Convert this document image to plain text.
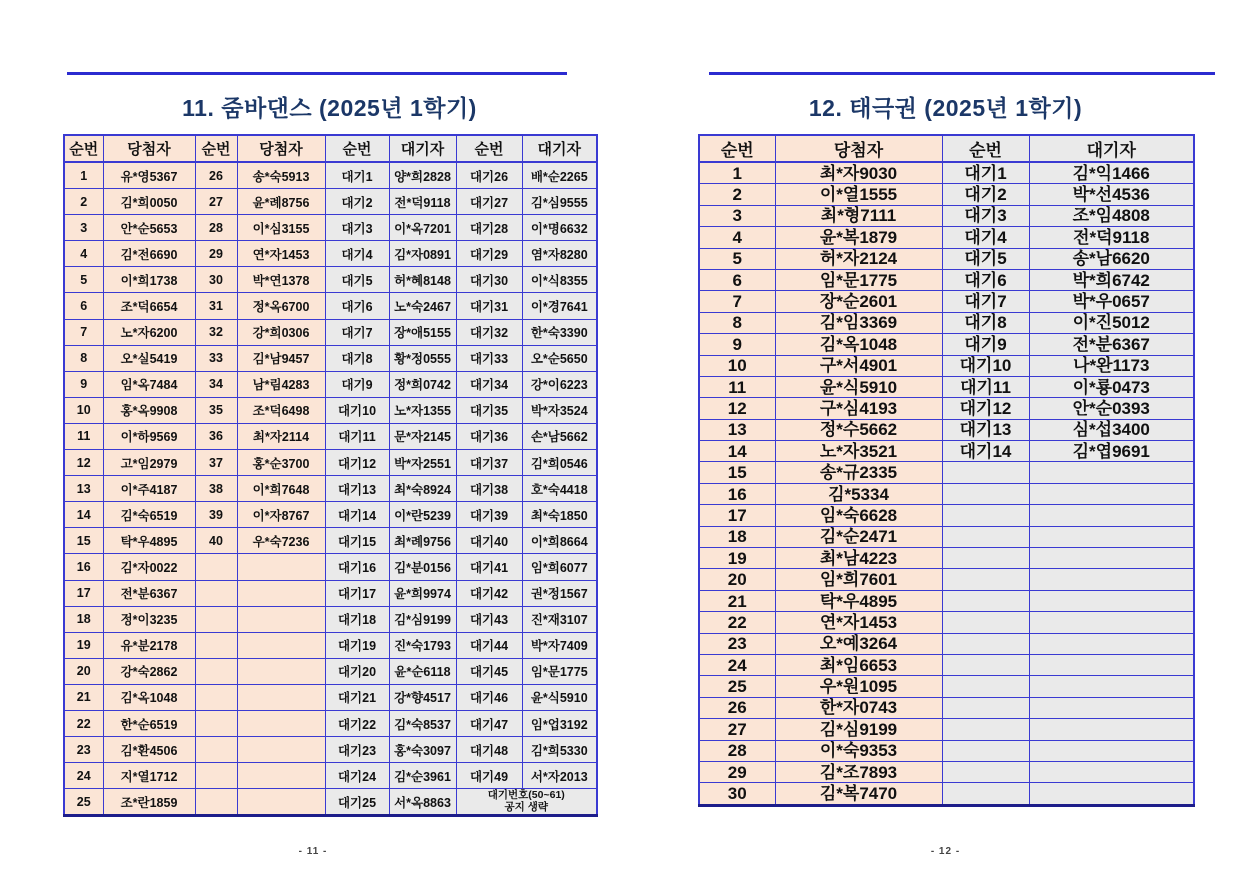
11. 줌바댄스 (2025년 1학기)	12. 태극권 (2025년 1학기)
순번	당첨자	순번	당첨자	순번	대기자	순번	대기자
1	유*영5367	26	송*숙5913	대기1	양*희2828	대기26	배*순2265
2	김*희0050	27	윤*례8756	대기2	전*덕9118	대기27	김*심9555
3	안*순5653	28	이*심3155	대기3	이*옥7201	대기28	이*명6632
4	김*전6690	29	연*자1453	대기4	김*자0891	대기29	염*자8280
5	이*희1738	30	박*연1378	대기5	허*혜8148	대기30	이*식8355
6	조*덕6654	31	정*옥6700	대기6	노*숙2467	대기31	이*경7641
7	노*자6200	32	강*희0306	대기7	장*애5155	대기32	한*숙3390
8	오*실5419	33	김*남9457	대기8	황*정0555	대기33	오*순5650
9	임*옥7484	34	남*림4283	대기9	정*희0742	대기34	강*이6223
10	홍*옥9908	35	조*덕6498	대기10	노*자1355	대기35	박*자3524
11	이*하9569	36	최*자2114	대기11	문*자2145	대기36	손*남5662
12	고*임2979	37	홍*순3700	대기12	박*자2551	대기37	김*희0546
13	이*주4187	38	이*희7648	대기13	최*숙8924	대기38	호*숙4418
14	김*숙6519	39	이*자8767	대기14	이*란5239	대기39	최*숙1850
15	탁*우4895	40	우*숙7236	대기15	최*례9756	대기40	이*희8664
16	김*자0022			대기16	김*분0156	대기41	임*희6077
17	전*분6367			대기17	윤*희9974	대기42	권*정1567
18	정*이3235			대기18	김*심9199	대기43	진*재3107
19	유*분2178			대기19	진*숙1793	대기44	박*자7409
20	강*숙2862			대기20	윤*순6118	대기45	임*문1775
21	김*옥1048			대기21	강*향4517	대기46	윤*식5910
22	한*순6519			대기22	김*숙8537	대기47	임*업3192
23	김*환4506			대기23	홍*숙3097	대기48	김*희5330
24	지*열1712			대기24	김*순3961	대기49	서*자2013
25	조*란1859			대기25	서*옥8863	대기번호(50~61)
공지 생략	
순번	당첨자	순번	대기자
1	최*자9030	대기1	김*익1466
2	이*열1555	대기2	박*선4536
3	최*형7111	대기3	조*임4808
4	윤*복1879	대기4	전*덕9118
5	허*자2124	대기5	송*남6620
6	임*문1775	대기6	박*희6742
7	장*순2601	대기7	박*우0657
8	김*임3369	대기8	이*진5012
9	김*옥1048	대기9	전*분6367
10	구*서4901	대기10	나*완1173
11	윤*식5910	대기11	이*룡0473
12	구*심4193	대기12	안*순0393
13	정*수5662	대기13	심*섭3400
14	노*자3521	대기14	김*엽9691
15	송*규2335		
16	김*5334		
17	임*숙6628		
18	김*순2471		
19	최*남4223		
20	임*희7601		
21	탁*우4895		
22	연*자1453		
23	오*예3264		
24	최*임6653		
25	우*원1095		
26	한*자0743		
27	김*심9199		
28	이*숙9353		
29	김*조7893		
30	김*복7470		
- 11 -	- 12 -
